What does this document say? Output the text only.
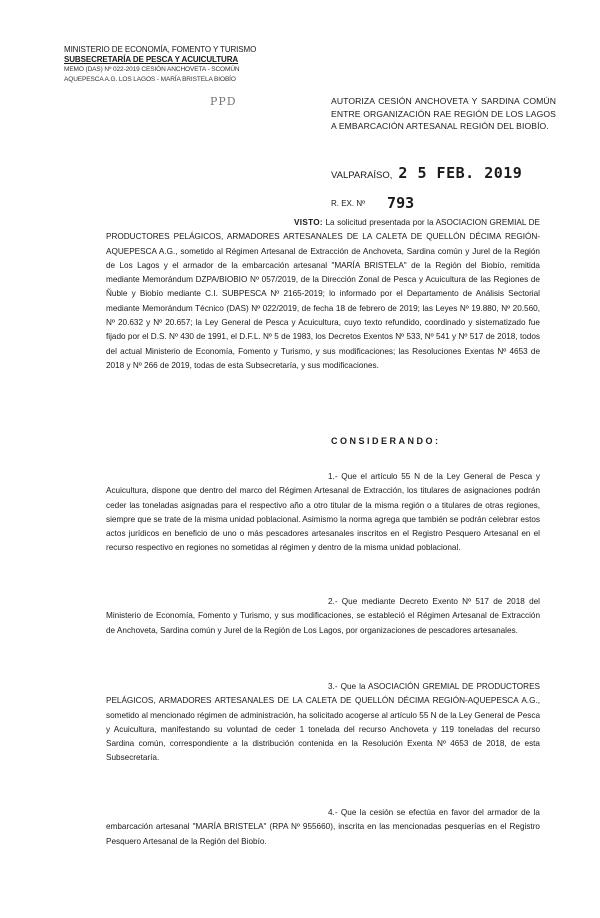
MINISTERIO DE ECONOMÍA, FOMENTO Y TURISMO
SUBSECRETARÍA DE PESCA Y ACUICULTURA
MEMO (DAS) Nº 022-2019 CESIÓN ANCHOVETA - SCOMÚN
AQUEPESCA A.G. LOS LAGOS - MARÍA BRISTELA BIOBÍO
PPD	AUTORIZA CESIÓN ANCHOVETA Y SARDINA COMÚN ENTRE ORGANIZACIÓN RAE REGIÓN DE LOS LAGOS A EMBARCACIÓN ARTESANAL REGIÓN DEL BIOBÍO.
VALPARAÍSO, 2 5 FEB. 2019
R. EX. Nº 793
VISTO: La solicitud presentada por la ASOCIACION GREMIAL DE PRODUCTORES PELÁGICOS, ARMADORES ARTESANALES DE LA CALETA DE QUELLÓN DÉCIMA REGIÓN-AQUEPESCA A.G., sometido al Régimen Artesanal de Extracción de Anchoveta, Sardina común y Jurel de la Región de Los Lagos y el armador de la embarcación artesanal "MARÍA BRISTELA" de la Región del Biobío, remitida mediante Memorándum DZPA/BIOBIO Nº 057/2019, de la Dirección Zonal de Pesca y Acuicultura de las Regiones de Ñuble y Biobío mediante C.I. SUBPESCA Nº 2165-2019; lo informado por el Departamento de Análisis Sectorial mediante Memorándum Técnico (DAS) Nº 022/2019, de fecha 18 de febrero de 2019; las Leyes Nº 19.880, Nº 20.560, Nº 20.632 y Nº 20.657; la Ley General de Pesca y Acuicultura, cuyo texto refundido, coordinado y sistematizado fue fijado por el D.S. Nº 430 de 1991, el D.F.L. Nº 5 de 1983, los Decretos Exentos Nº 533, Nº 541 y Nº 517 de 2018, todos del actual Ministerio de Economía, Fomento y Turismo, y sus modificaciones; las Resoluciones Exentas Nº 4653 de 2018 y Nº 266 de 2019, todas de esta Subsecretaría, y sus modificaciones.
CONSIDERANDO:
1.- Que el artículo 55 N de la Ley General de Pesca y Acuicultura, dispone que dentro del marco del Régimen Artesanal de Extracción, los titulares de asignaciones podrán ceder las toneladas asignadas para el respectivo año a otro titular de la misma región o a titulares de otras regiones, siempre que se trate de la misma unidad poblacional. Asimismo la norma agrega que también se podrán celebrar estos actos jurídicos en beneficio de uno o más pescadores artesanales inscritos en el Registro Pesquero Artesanal en el recurso respectivo en regiones no sometidas al régimen y dentro de la misma unidad poblacional.
2.- Que mediante Decreto Exento Nº 517 de 2018 del Ministerio de Economía, Fomento y Turismo, y sus modificaciones, se estableció el Régimen Artesanal de Extracción de Anchoveta, Sardina común y Jurel de la Región de Los Lagos, por organizaciones de pescadores artesanales.
3.- Que la ASOCIACIÓN GREMIAL DE PRODUCTORES PELÁGICOS, ARMADORES ARTESANALES DE LA CALETA DE QUELLÓN DÉCIMA REGIÓN-AQUEPESCA A.G., sometido al mencionado régimen de administración, ha solicitado acogerse al artículo 55 N de la Ley General de Pesca y Acuicultura, manifestando su voluntad de ceder 1 tonelada del recurso Anchoveta y 119 toneladas del recurso Sardina común, correspondiente a la distribución contenida en la Resolución Exenta Nº 4653 de 2018, de esta Subsecretaría.
4.- Que la cesión se efectúa en favor del armador de la embarcación artesanal "MARÍA BRISTELA" (RPA Nº 955660), inscrita en las mencionadas pesquerías en el Registro Pesquero Artesanal de la Región del Biobío.
